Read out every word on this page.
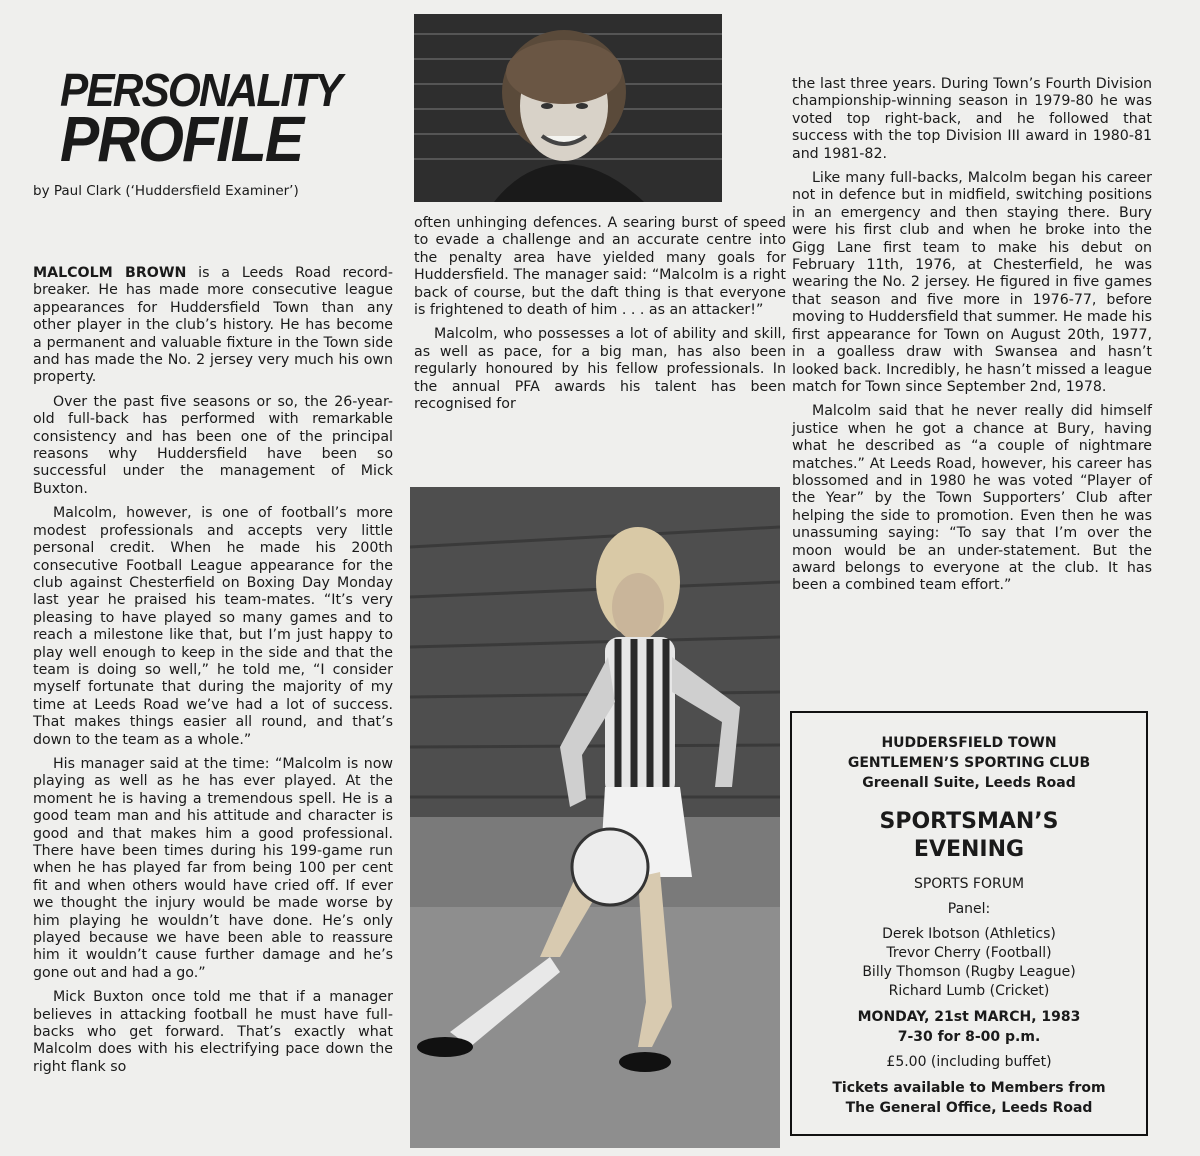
PERSONALITY
PROFILE
by Paul Clark (‘Huddersfield Examiner’)

MALCOLM BROWN is a Leeds Road record-breaker. He has made more consecutive league appearances for Huddersfield Town than any other player in the club’s history. He has become a permanent and valuable fixture in the Town side and has made the No. 2 jersey very much his own property.

Over the past five seasons or so, the 26-year-old full-back has performed with remarkable consistency and has been one of the principal reasons why Huddersfield have been so successful under the management of Mick Buxton.

Malcolm, however, is one of football’s more modest professionals and accepts very little personal credit. When he made his 200th consecutive Football League appearance for the club against Chesterfield on Boxing Day Monday last year he praised his team-mates. “It’s very pleasing to have played so many games and to reach a milestone like that, but I’m just happy to play well enough to keep in the side and that the team is doing so well,” he told me, “I consider myself fortunate that during the majority of my time at Leeds Road we’ve had a lot of success. That makes things easier all round, and that’s down to the team as a whole.”

His manager said at the time: “Malcolm is now playing as well as he has ever played. At the moment he is having a tremendous spell. He is a good team man and his attitude and character is good and that makes him a good professional. There have been times during his 199-game run when he has played far from being 100 per cent fit and when others would have cried off. If ever we thought the injury would be made worse by him playing he wouldn’t have done. He’s only played because we have been able to reassure him it wouldn’t cause further damage and he’s gone out and had a go.”

Mick Buxton once told me that if a manager believes in attacking football he must have full-backs who get forward. That’s exactly what Malcolm does with his electrifying pace down the right flank so

often unhinging defences. A searing burst of speed to evade a challenge and an accurate centre into the penalty area have yielded many goals for Huddersfield. The manager said: “Malcolm is a right back of course, but the daft thing is that everyone is frightened to death of him . . . as an attacker!”

Malcolm, who possesses a lot of ability and skill, as well as pace, for a big man, has also been regularly honoured by his fellow professionals. In the annual PFA awards his talent has been recognised for

the last three years. During Town’s Fourth Division championship-winning season in 1979-80 he was voted top right-back, and he followed that success with the top Division III award in 1980-81 and 1981-82.

Like many full-backs, Malcolm began his career not in defence but in midfield, switching positions in an emergency and then staying there. Bury were his first club and when he broke into the Gigg Lane first team to make his debut on February 11th, 1976, at Chesterfield, he was wearing the No. 2 jersey. He figured in five games that season and five more in 1976-77, before moving to Huddersfield that summer. He made his first appearance for Town on August 20th, 1977, in a goalless draw with Swansea and hasn’t looked back. Incredibly, he hasn’t missed a league match for Town since September 2nd, 1978.

Malcolm said that he never really did himself justice when he got a chance at Bury, having what he described as “a couple of nightmare matches.” At Leeds Road, however, his career has blossomed and in 1980 he was voted “Player of the Year” by the Town Supporters’ Club after helping the side to promotion. Even then he was unassuming saying: “To say that I’m over the moon would be an under-statement. But the award belongs to everyone at the club. It has been a combined team effort.”

HUDDERSFIELD TOWN
GENTLEMEN’S SPORTING CLUB
Greenall Suite, Leeds Road
SPORTSMAN’S
EVENING
SPORTS FORUM
Panel:
Derek Ibotson (Athletics)
Trevor Cherry (Football)
Billy Thomson (Rugby League)
Richard Lumb (Cricket)
MONDAY, 21st MARCH, 1983
7-30 for 8-00 p.m.
£5.00 (including buffet)
Tickets available to Members from
The General Office, Leeds Road
